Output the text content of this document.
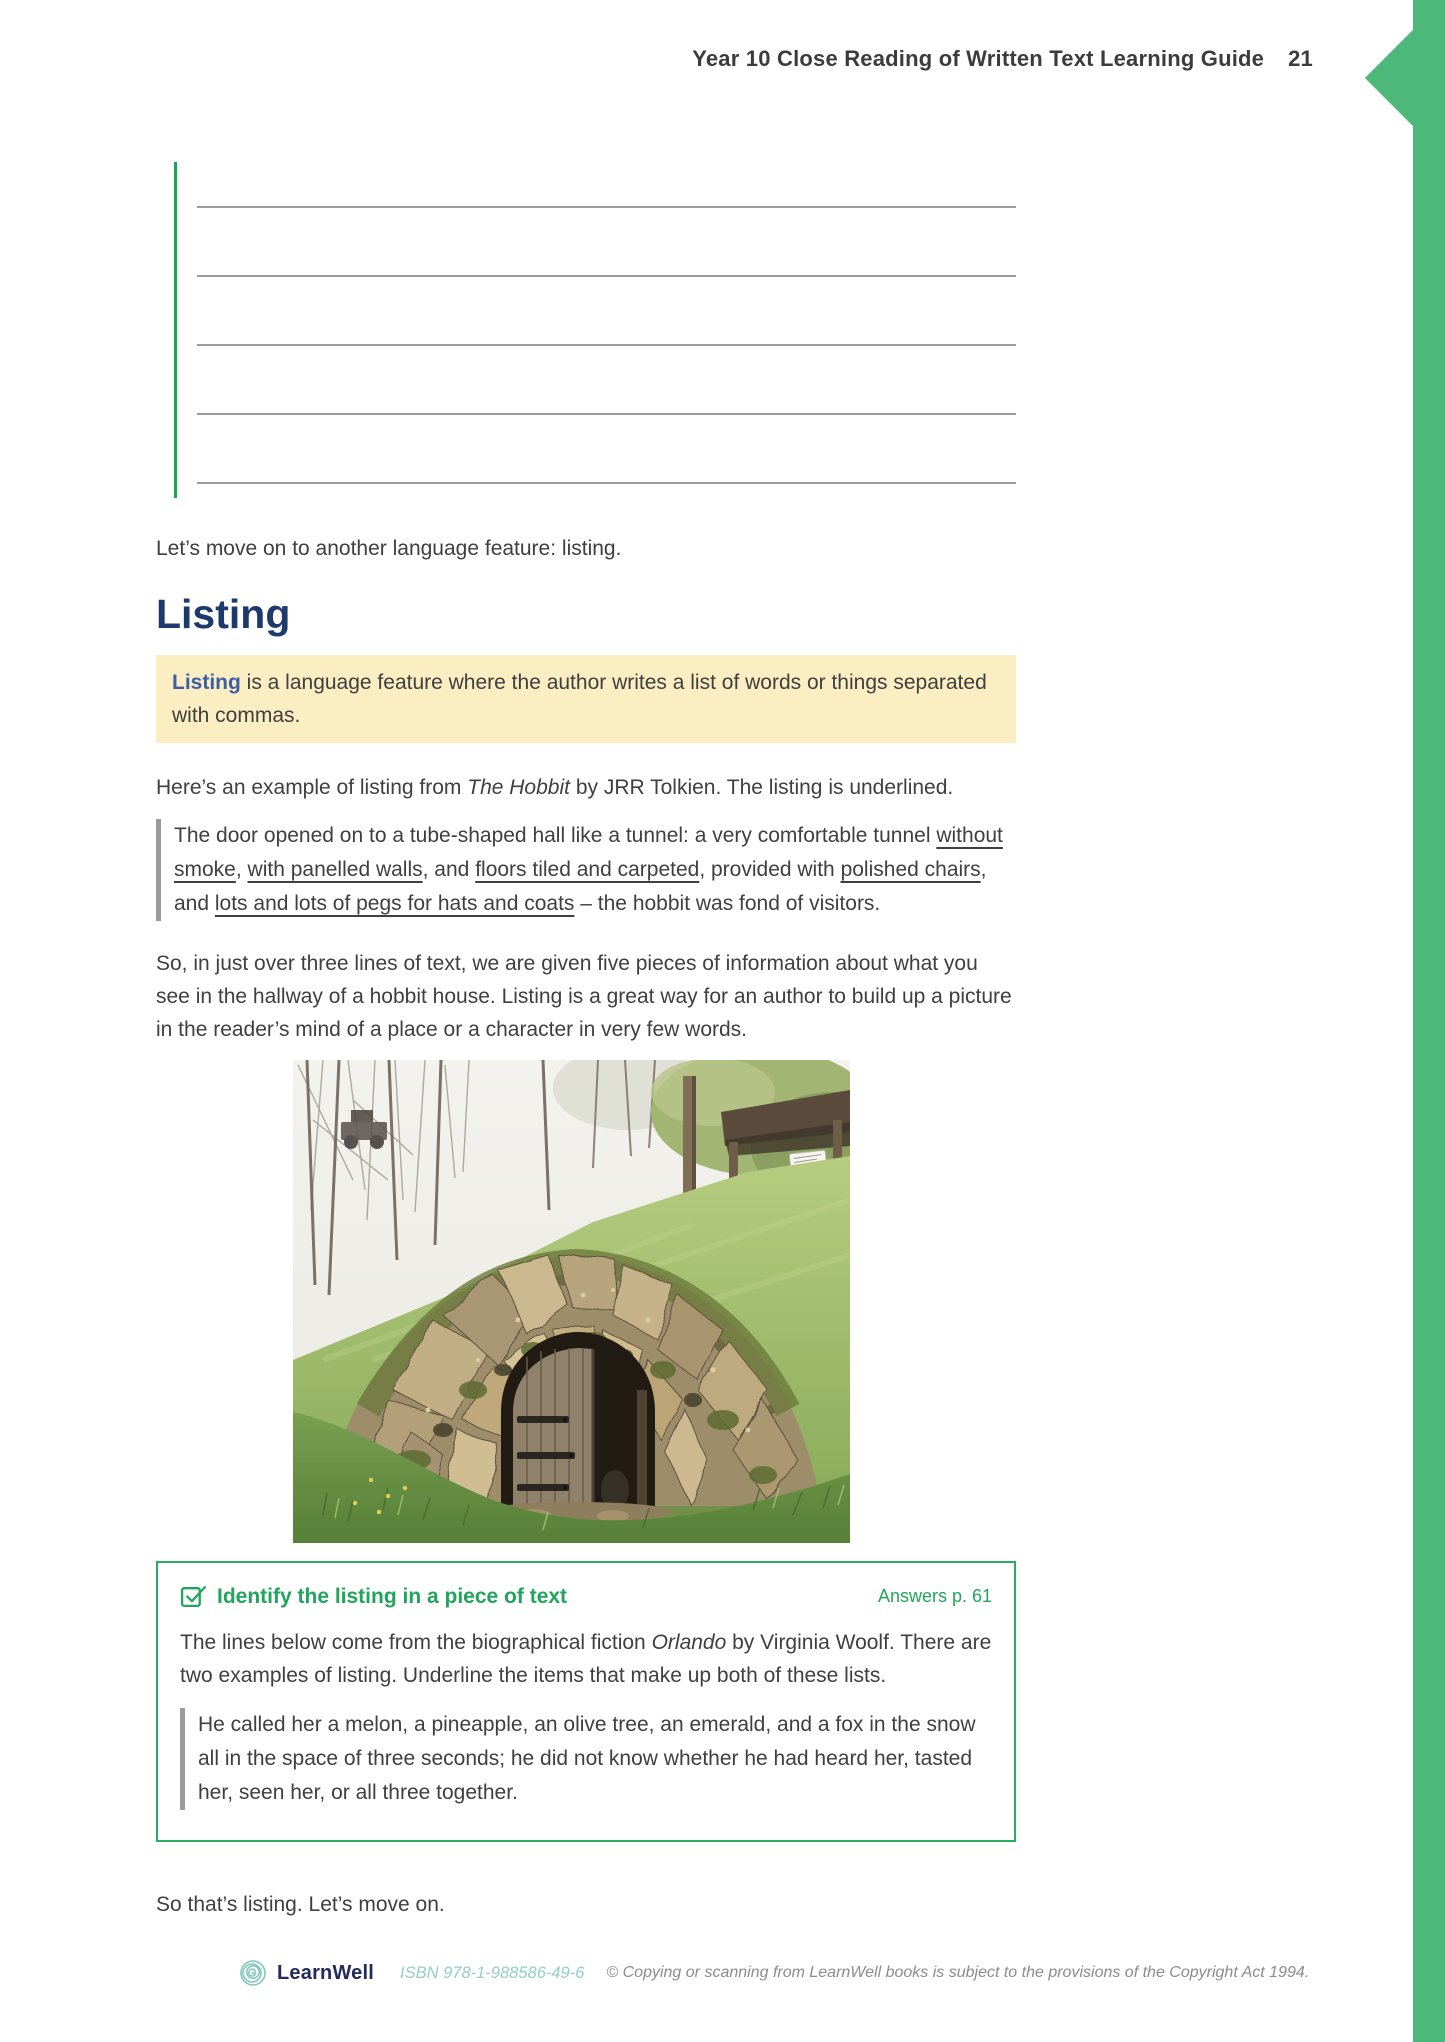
Year 10 Close Reading of Written Text Learning Guide 21

Let’s move on to another language feature: listing.

Listing

Listing is a language feature where the author writes a list of words or things separated with commas.

Here’s an example of listing from The Hobbit by JRR Tolkien. The listing is underlined.

The door opened on to a tube-shaped hall like a tunnel: a very comfortable tunnel without smoke, with panelled walls, and floors tiled and carpeted, provided with polished chairs, and lots and lots of pegs for hats and coats – the hobbit was fond of visitors.

So, in just over three lines of text, we are given five pieces of information about what you see in the hallway of a hobbit house. Listing is a great way for an author to build up a picture in the reader’s mind of a place or a character in very few words.

Identify the listing in a piece of text	Answers p. 61

The lines below come from the biographical fiction Orlando by Virginia Woolf. There are two examples of listing. Underline the items that make up both of these lists.

He called her a melon, a pineapple, an olive tree, an emerald, and a fox in the snow all in the space of three seconds; he did not know whether he had heard her, tasted her, seen her, or all three together.

So that’s listing. Let’s move on.

LearnWell ISBN 978-1-988586-49-6 © Copying or scanning from LearnWell books is subject to the provisions of the Copyright Act 1994.
